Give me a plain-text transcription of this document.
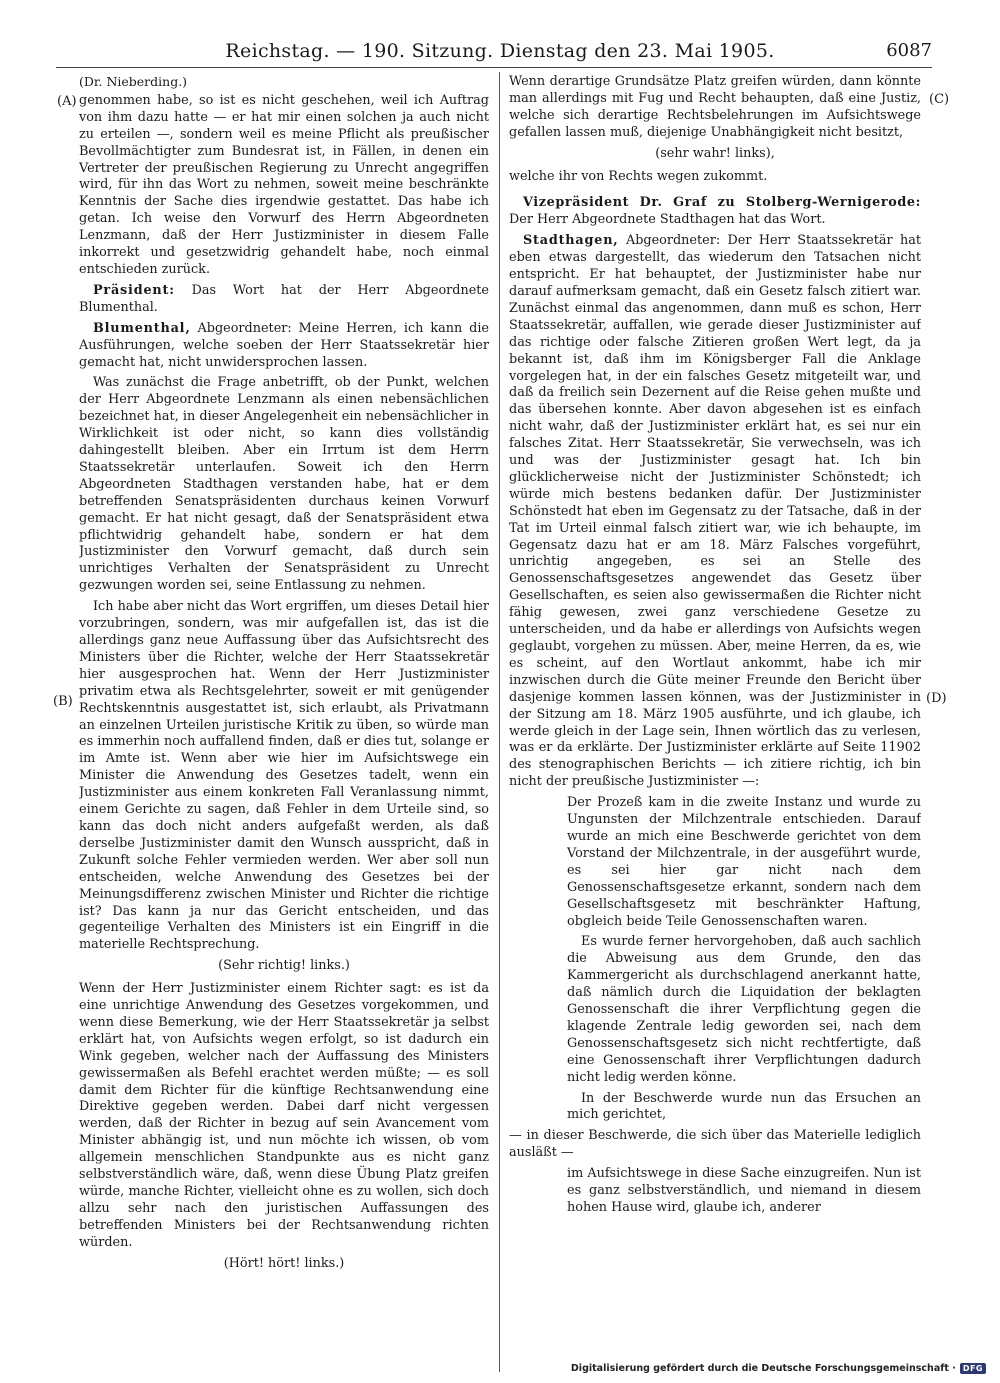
Reichstag. — 190. Sitzung. Dienstag den 23. Mai 1905.	6087
(A)
(B)
(C)
(D)

(Dr. Nieberding.)

genommen habe, so ist es nicht geschehen, weil ich Auftrag von ihm dazu hatte — er hat mir einen solchen ja auch nicht zu erteilen —, sondern weil es meine Pflicht als preußischer Bevollmächtigter zum Bundesrat ist, in Fällen, in denen ein Vertreter der preußischen Regierung zu Unrecht angegriffen wird, für ihn das Wort zu nehmen, soweit meine beschränkte Kenntnis der Sache dies irgendwie gestattet. Das habe ich getan. Ich weise den Vorwurf des Herrn Abgeordneten Lenzmann, daß der Herr Justizminister in diesem Falle inkorrekt und gesetzwidrig gehandelt habe, noch einmal entschieden zurück.

Präsident: Das Wort hat der Herr Abgeordnete Blumenthal.

Blumenthal, Abgeordneter: Meine Herren, ich kann die Ausführungen, welche soeben der Herr Staatssekretär hier gemacht hat, nicht unwidersprochen lassen.

Was zunächst die Frage anbetrifft, ob der Punkt, welchen der Herr Abgeordnete Lenzmann als einen nebensächlichen bezeichnet hat, in dieser Angelegenheit ein nebensächlicher in Wirklichkeit ist oder nicht, so kann dies vollständig dahingestellt bleiben. Aber ein Irrtum ist dem Herrn Staatssekretär unterlaufen. Soweit ich den Herrn Abgeordneten Stadthagen verstanden habe, hat er dem betreffenden Senatspräsidenten durchaus keinen Vorwurf gemacht. Er hat nicht gesagt, daß der Senatspräsident etwa pflichtwidrig gehandelt habe, sondern er hat dem Justizminister den Vorwurf gemacht, daß durch sein unrichtiges Verhalten der Senatspräsident zu Unrecht gezwungen worden sei, seine Entlassung zu nehmen.

Ich habe aber nicht das Wort ergriffen, um dieses Detail hier vorzubringen, sondern, was mir aufgefallen ist, das ist die allerdings ganz neue Auffassung über das Aufsichtsrecht des Ministers über die Richter, welche der Herr Staatssekretär hier ausgesprochen hat. Wenn der Herr Justizminister privatim etwa als Rechtsgelehrter, soweit er mit genügender Rechtskenntnis ausgestattet ist, sich erlaubt, als Privatmann an einzelnen Urteilen juristische Kritik zu üben, so würde man es immerhin noch auffallend finden, daß er dies tut, solange er im Amte ist. Wenn aber wie hier im Aufsichtswege ein Minister die Anwendung des Gesetzes tadelt, wenn ein Justizminister aus einem konkreten Fall Veranlassung nimmt, einem Gerichte zu sagen, daß Fehler in dem Urteile sind, so kann das doch nicht anders aufgefaßt werden, als daß derselbe Justizminister damit den Wunsch ausspricht, daß in Zukunft solche Fehler vermieden werden. Wer aber soll nun entscheiden, welche Anwendung des Gesetzes bei der Meinungsdifferenz zwischen Minister und Richter die richtige ist? Das kann ja nur das Gericht entscheiden, und das gegenteilige Verhalten des Ministers ist ein Eingriff in die materielle Rechtsprechung.

(Sehr richtig! links.)

Wenn der Herr Justizminister einem Richter sagt: es ist da eine unrichtige Anwendung des Gesetzes vorgekommen, und wenn diese Bemerkung, wie der Herr Staatssekretär ja selbst erklärt hat, von Aufsichts wegen erfolgt, so ist dadurch ein Wink gegeben, welcher nach der Auffassung des Ministers gewissermaßen als Befehl erachtet werden müßte; — es soll damit dem Richter für die künftige Rechtsanwendung eine Direktive gegeben werden. Dabei darf nicht vergessen werden, daß der Richter in bezug auf sein Avancement vom Minister abhängig ist, und nun möchte ich wissen, ob vom allgemein menschlichen Standpunkte aus es nicht ganz selbstverständlich wäre, daß, wenn diese Übung Platz greifen würde, manche Richter, vielleicht ohne es zu wollen, sich doch allzu sehr nach den juristischen Auffassungen des betreffenden Ministers bei der Rechtsanwendung richten würden.

(Hört! hört! links.)

Wenn derartige Grundsätze Platz greifen würden, dann könnte man allerdings mit Fug und Recht behaupten, daß eine Justiz, welche sich derartige Rechtsbelehrungen im Aufsichtswege gefallen lassen muß, diejenige Unabhängigkeit nicht besitzt,

(sehr wahr! links),

welche ihr von Rechts wegen zukommt.

Vizepräsident Dr. Graf zu Stolberg-Wernigerode: Der Herr Abgeordnete Stadthagen hat das Wort.

Stadthagen, Abgeordneter: Der Herr Staatssekretär hat eben etwas dargestellt, das wiederum den Tatsachen nicht entspricht. Er hat behauptet, der Justizminister habe nur darauf aufmerksam gemacht, daß ein Gesetz falsch zitiert war. Zunächst einmal das angenommen, dann muß es schon, Herr Staatssekretär, auffallen, wie gerade dieser Justizminister auf das richtige oder falsche Zitieren großen Wert legt, da ja bekannt ist, daß ihm im Königsberger Fall die Anklage vorgelegen hat, in der ein falsches Gesetz mitgeteilt war, und daß da freilich sein Dezernent auf die Reise gehen mußte und das übersehen konnte. Aber davon abgesehen ist es einfach nicht wahr, daß der Justizminister erklärt hat, es sei nur ein falsches Zitat. Herr Staatssekretär, Sie verwechseln, was ich und was der Justizminister gesagt hat. Ich bin glücklicherweise nicht der Justizminister Schönstedt; ich würde mich bestens bedanken dafür. Der Justizminister Schönstedt hat eben im Gegensatz zu der Tatsache, daß in der Tat im Urteil einmal falsch zitiert war, wie ich behaupte, im Gegensatz dazu hat er am 18. März Falsches vorgeführt, unrichtig angegeben, es sei an Stelle des Genossenschaftsgesetzes angewendet das Gesetz über Gesellschaften, es seien also gewissermaßen die Richter nicht fähig gewesen, zwei ganz verschiedene Gesetze zu unterscheiden, und da habe er allerdings von Aufsichts wegen geglaubt, vorgehen zu müssen. Aber, meine Herren, da es, wie es scheint, auf den Wortlaut ankommt, habe ich mir inzwischen durch die Güte meiner Freunde den Bericht über dasjenige kommen lassen können, was der Justizminister in der Sitzung am 18. März 1905 ausführte, und ich glaube, ich werde gleich in der Lage sein, Ihnen wörtlich das zu verlesen, was er da erklärte. Der Justizminister erklärte auf Seite 11902 des stenographischen Berichts — ich zitiere richtig, ich bin nicht der preußische Justizminister —:

Der Prozeß kam in die zweite Instanz und wurde zu Ungunsten der Milchzentrale entschieden. Darauf wurde an mich eine Beschwerde gerichtet von dem Vorstand der Milchzentrale, in der ausgeführt wurde, es sei hier gar nicht nach dem Genossenschaftsgesetze erkannt, sondern nach dem Gesellschaftsgesetz mit beschränkter Haftung, obgleich beide Teile Genossenschaften waren.

Es wurde ferner hervorgehoben, daß auch sachlich die Abweisung aus dem Grunde, den das Kammergericht als durchschlagend anerkannt hatte, daß nämlich durch die Liquidation der beklagten Genossenschaft die ihrer Verpflichtung gegen die klagende Zentrale ledig geworden sei, nach dem Genossenschaftsgesetz sich nicht rechtfertigte, daß eine Genossenschaft ihrer Verpflichtungen dadurch nicht ledig werden könne.

In der Beschwerde wurde nun das Ersuchen an mich gerichtet,

— in dieser Beschwerde, die sich über das Materielle lediglich ausläßt —

im Aufsichtswege in diese Sache einzugreifen. Nun ist es ganz selbstverständlich, und niemand in diesem hohen Hause wird, glaube ich, anderer

Digitalisierung gefördert durch die Deutsche Forschungsgemeinschaft · DFG
